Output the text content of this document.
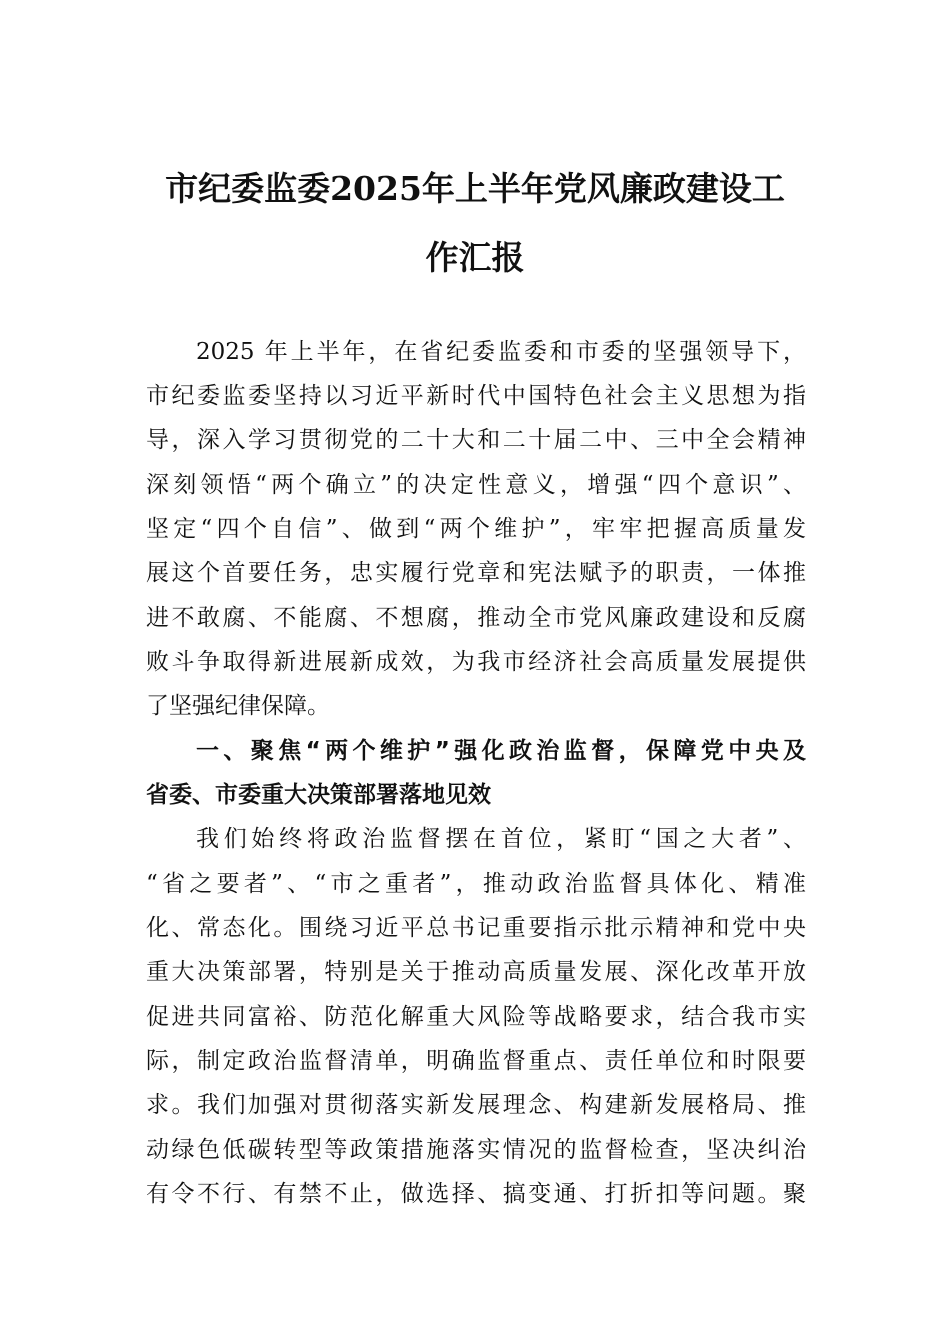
市纪委监委2025年上半年党风廉政建设工
作汇报
2025 年上半年，在省纪委监委和市委的坚强领导下，
市纪委监委坚持以习近平新时代中国特色社会主义思想为指
导，深入学习贯彻党的二十大和二十届二中、三中全会精神
深刻领悟“两个确立”的决定性意义，增强“四个意识”、
坚定“四个自信”、做到“两个维护”，牢牢把握高质量发
展这个首要任务，忠实履行党章和宪法赋予的职责，一体推
进不敢腐、不能腐、不想腐，推动全市党风廉政建设和反腐
败斗争取得新进展新成效，为我市经济社会高质量发展提供
了坚强纪律保障。
一、聚焦“两个维护”强化政治监督，保障党中央及
省委、市委重大决策部署落地见效
我们始终将政治监督摆在首位，紧盯“国之大者”、
“省之要者”、“市之重者”，推动政治监督具体化、精准
化、常态化。围绕习近平总书记重要指示批示精神和党中央
重大决策部署，特别是关于推动高质量发展、深化改革开放
促进共同富裕、防范化解重大风险等战略要求，结合我市实
际，制定政治监督清单，明确监督重点、责任单位和时限要
求。我们加强对贯彻落实新发展理念、构建新发展格局、推
动绿色低碳转型等政策措施落实情况的监督检查，坚决纠治
有令不行、有禁不止，做选择、搞变通、打折扣等问题。聚
